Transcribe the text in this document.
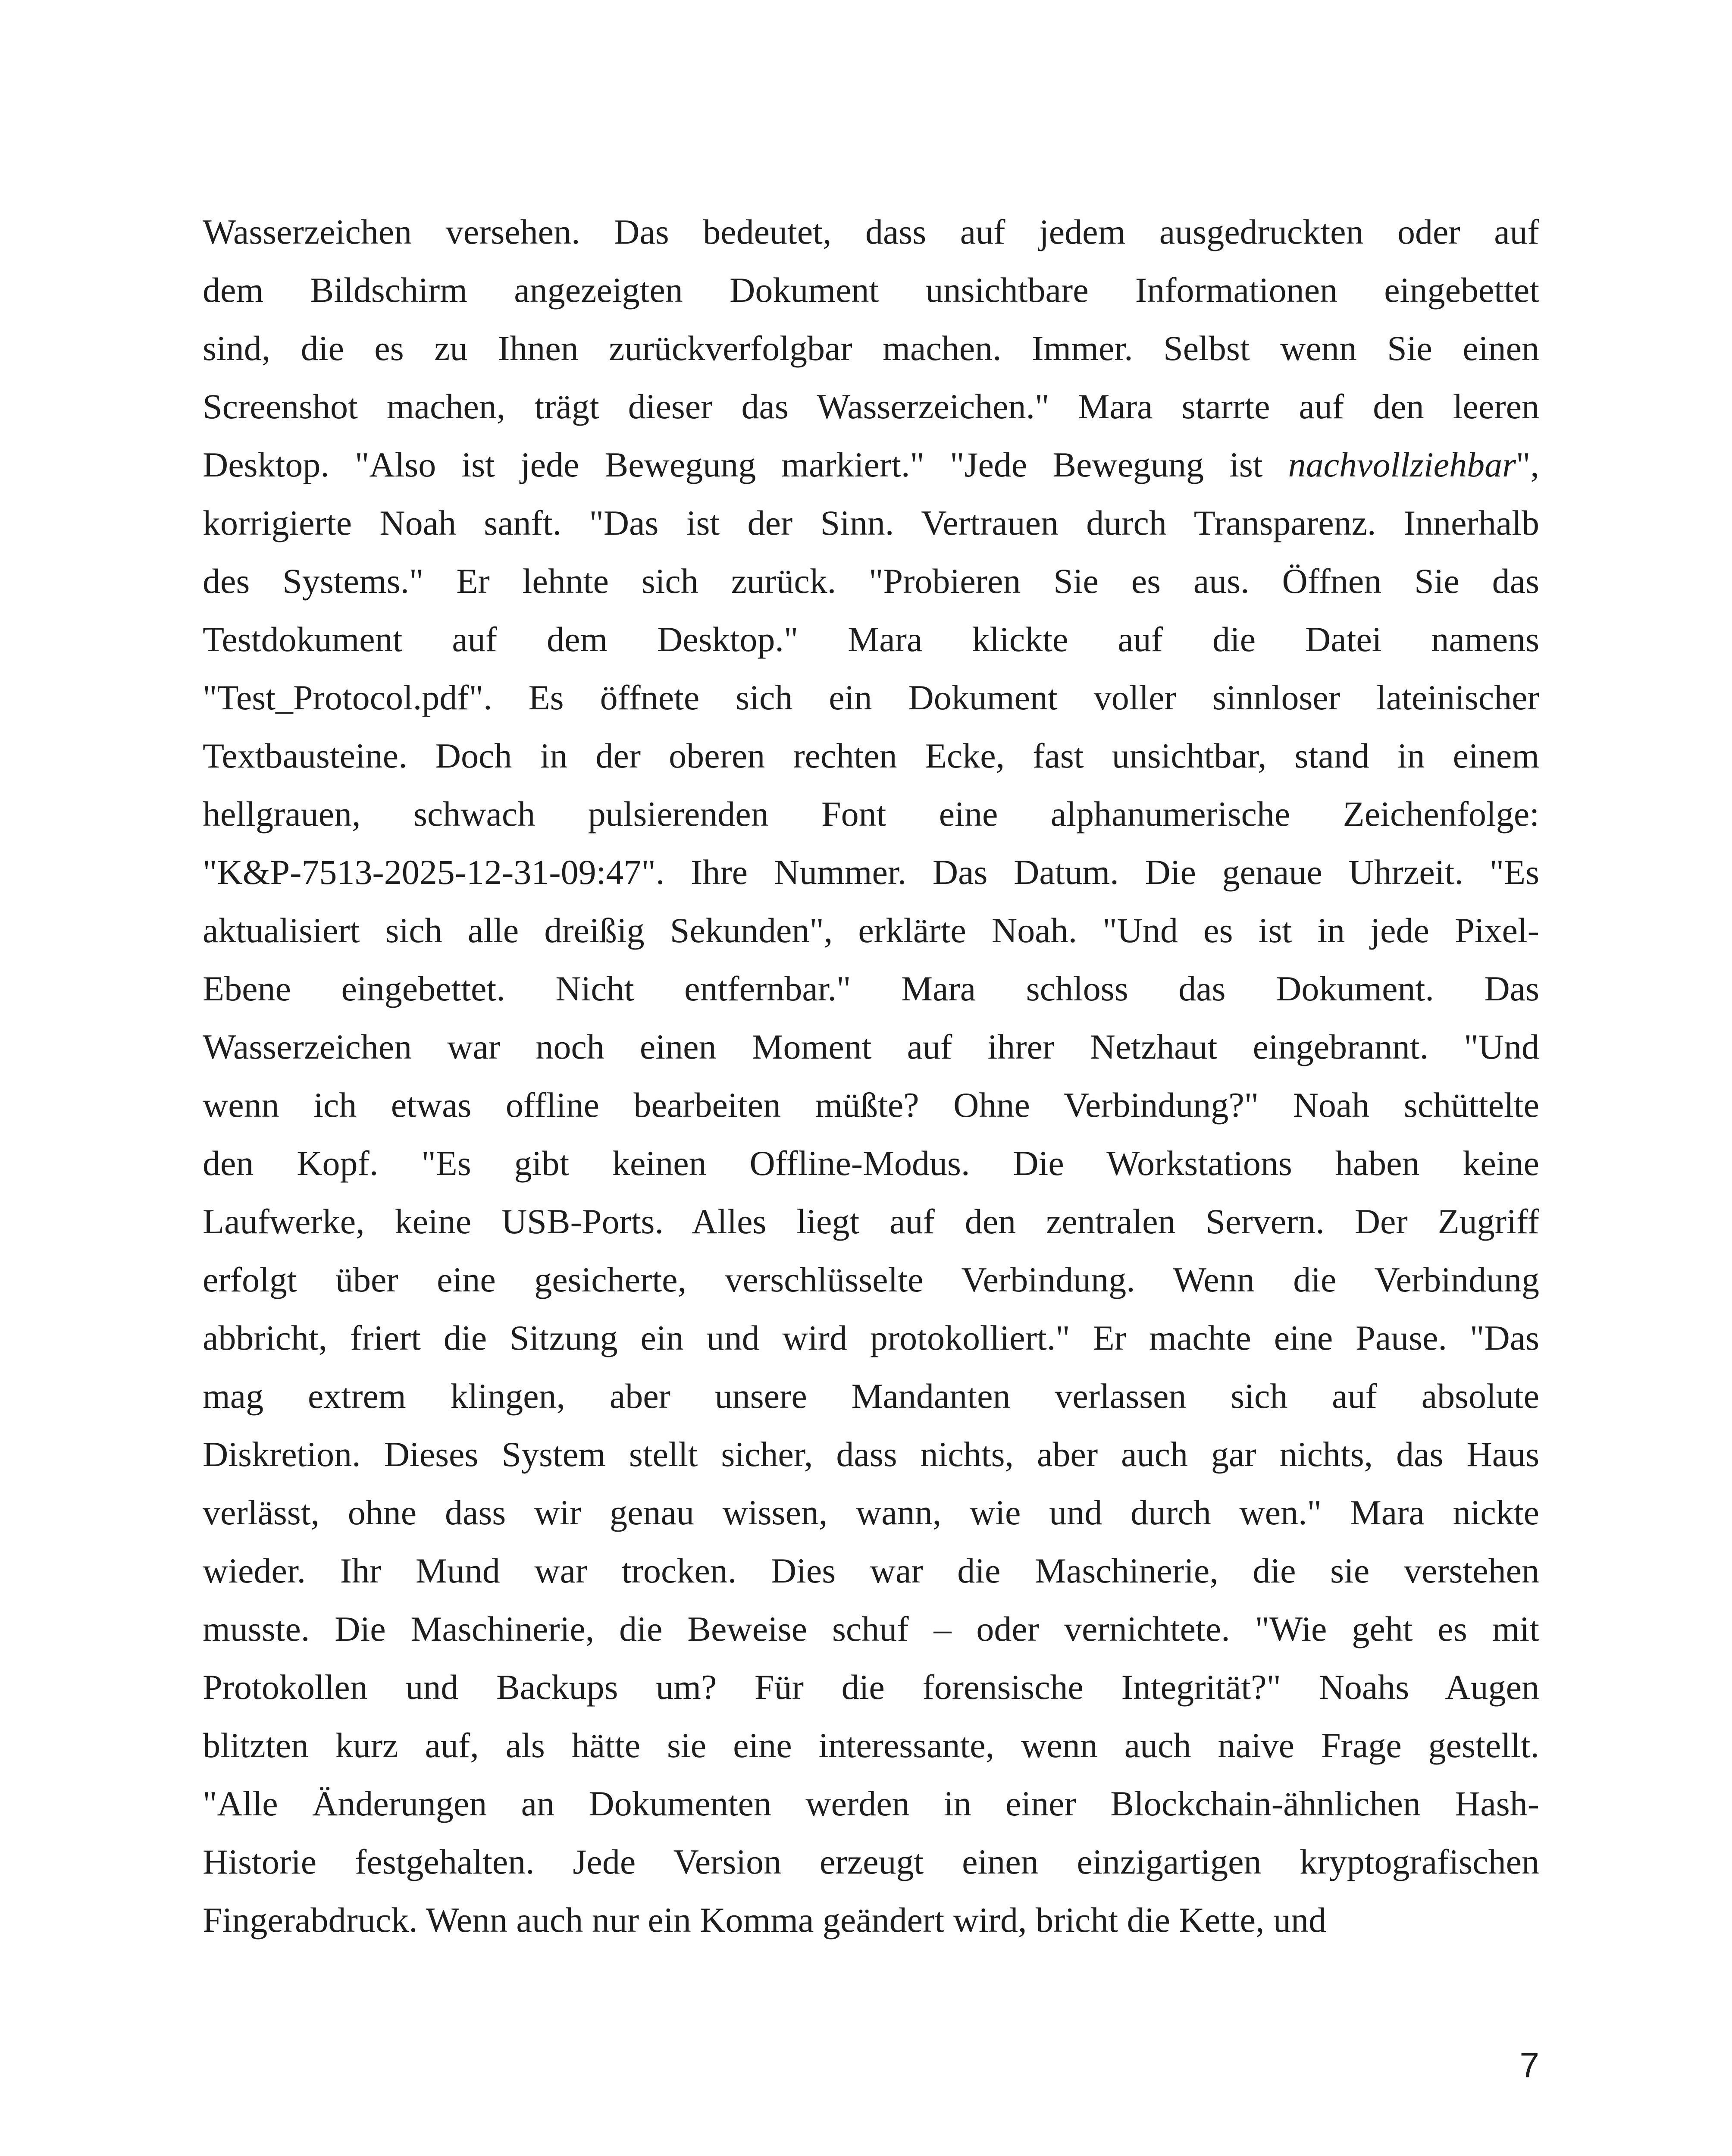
Wasserzeichen versehen. Das bedeutet, dass auf jedem ausgedruckten oder auf
dem Bildschirm angezeigten Dokument unsichtbare Informationen eingebettet
sind, die es zu Ihnen zurückverfolgbar machen. Immer. Selbst wenn Sie einen
Screenshot machen, trägt dieser das Wasserzeichen." Mara starrte auf den leeren
Desktop. "Also ist jede Bewegung markiert." "Jede Bewegung ist nachvollziehbar",
korrigierte Noah sanft. "Das ist der Sinn. Vertrauen durch Transparenz. Innerhalb
des Systems." Er lehnte sich zurück. "Probieren Sie es aus. Öffnen Sie das
Testdokument auf dem Desktop." Mara klickte auf die Datei namens
"Test_Protocol.pdf". Es öffnete sich ein Dokument voller sinnloser lateinischer
Textbausteine. Doch in der oberen rechten Ecke, fast unsichtbar, stand in einem
hellgrauen, schwach pulsierenden Font eine alphanumerische Zeichenfolge:
"K&P-7513-2025-12-31-09:47". Ihre Nummer. Das Datum. Die genaue Uhrzeit. "Es
aktualisiert sich alle dreißig Sekunden", erklärte Noah. "Und es ist in jede Pixel-
Ebene eingebettet. Nicht entfernbar." Mara schloss das Dokument. Das
Wasserzeichen war noch einen Moment auf ihrer Netzhaut eingebrannt. "Und
wenn ich etwas offline bearbeiten müßte? Ohne Verbindung?" Noah schüttelte
den Kopf. "Es gibt keinen Offline-Modus. Die Workstations haben keine
Laufwerke, keine USB-Ports. Alles liegt auf den zentralen Servern. Der Zugriff
erfolgt über eine gesicherte, verschlüsselte Verbindung. Wenn die Verbindung
abbricht, friert die Sitzung ein und wird protokolliert." Er machte eine Pause. "Das
mag extrem klingen, aber unsere Mandanten verlassen sich auf absolute
Diskretion. Dieses System stellt sicher, dass nichts, aber auch gar nichts, das Haus
verlässt, ohne dass wir genau wissen, wann, wie und durch wen." Mara nickte
wieder. Ihr Mund war trocken. Dies war die Maschinerie, die sie verstehen
musste. Die Maschinerie, die Beweise schuf – oder vernichtete. "Wie geht es mit
Protokollen und Backups um? Für die forensische Integrität?" Noahs Augen
blitzten kurz auf, als hätte sie eine interessante, wenn auch naive Frage gestellt.
"Alle Änderungen an Dokumenten werden in einer Blockchain-ähnlichen Hash-
Historie festgehalten. Jede Version erzeugt einen einzigartigen kryptografischen
Fingerabdruck. Wenn auch nur ein Komma geändert wird, bricht die Kette, und
7
